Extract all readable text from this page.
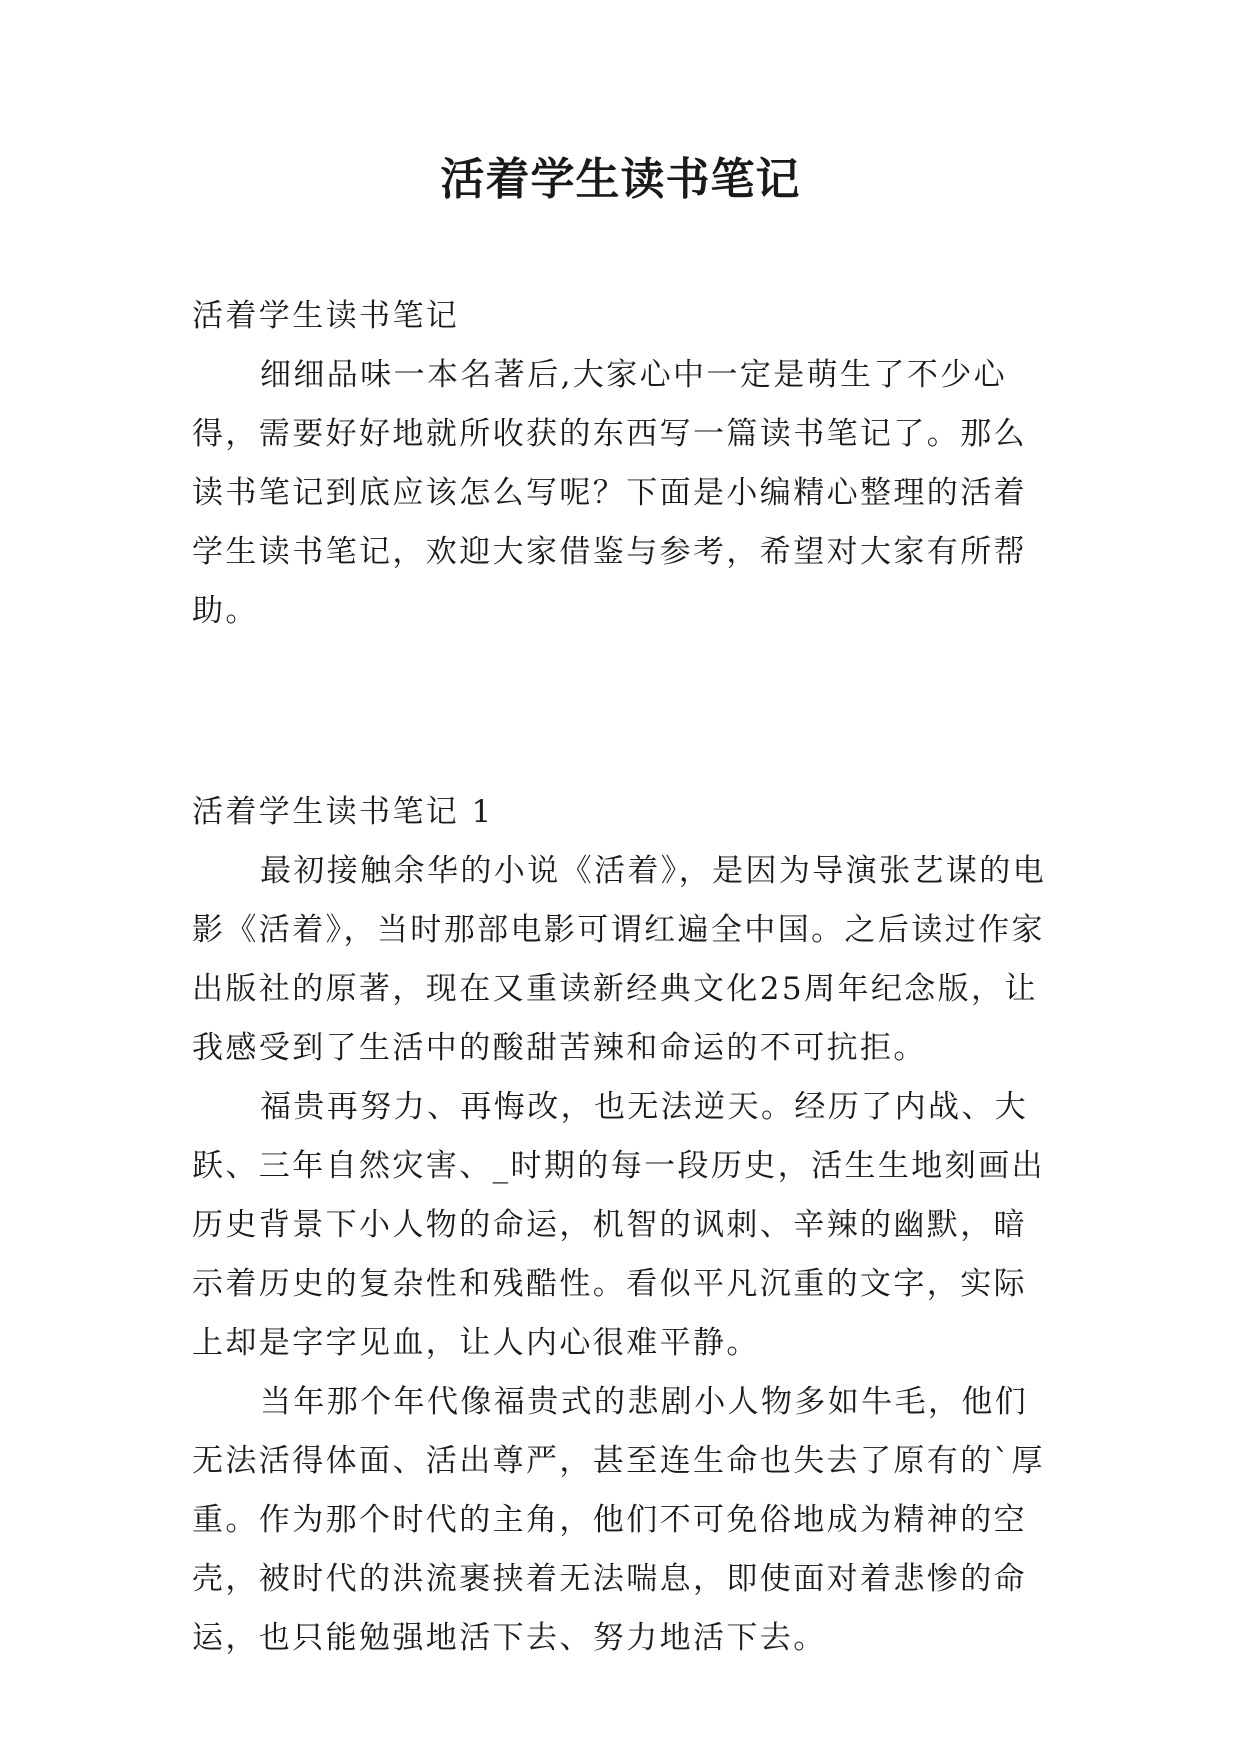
活着学生读书笔记

活着学生读书笔记

细细品味一本名著后,大家心中一定是萌生了不少心得，需要好好地就所收获的东西写一篇读书笔记了。那么读书笔记到底应该怎么写呢？下面是小编精心整理的活着学生读书笔记，欢迎大家借鉴与参考，希望对大家有所帮助。

活着学生读书笔记 1

最初接触余华的小说《活着》，是因为导演张艺谋的电影《活着》，当时那部电影可谓红遍全中国。之后读过作家出版社的原著，现在又重读新经典文化25周年纪念版，让我感受到了生活中的酸甜苦辣和命运的不可抗拒。

福贵再努力、再悔改，也无法逆天。经历了内战、大跃、三年自然灾害、_时期的每一段历史，活生生地刻画出历史背景下小人物的命运，机智的讽刺、辛辣的幽默，暗示着历史的复杂性和残酷性。看似平凡沉重的文字，实际上却是字字见血，让人内心很难平静。

当年那个年代像福贵式的悲剧小人物多如牛毛，他们无法活得体面、活出尊严，甚至连生命也失去了原有的`厚重。作为那个时代的主角，他们不可免俗地成为精神的空壳，被时代的洪流裹挟着无法喘息，即使面对着悲惨的命运，也只能勉强地活下去、努力地活下去。
